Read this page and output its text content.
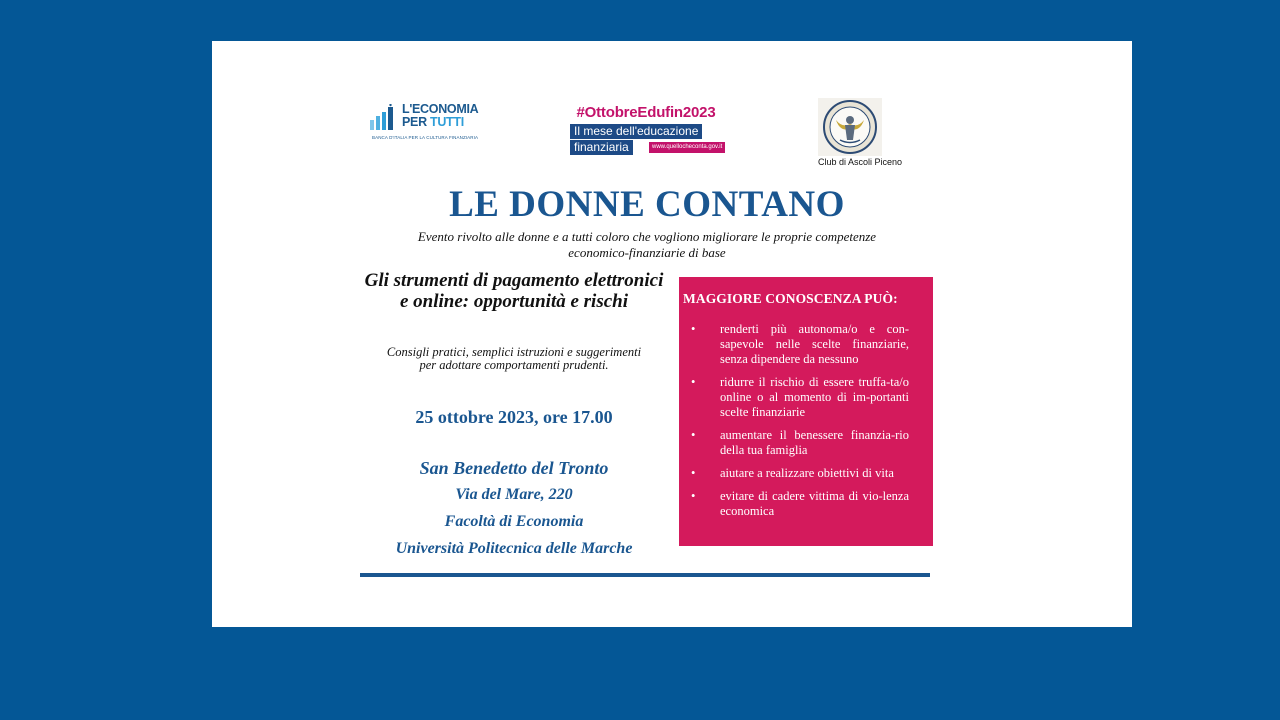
L'ECONOMIA
PER TUTTI
BANCA D'ITALIA PER LA CULTURA FINANZIARIA
#OttobreEdufin2023
Il mese dell'educazione
finanziaria	www.quellocheconta.gov.it
Club di Ascoli Piceno
LE DONNE CONTANO
Evento rivolto alle donne e a tutti coloro che vogliono migliorare le proprie competenze economico-finanziarie di base
Gli strumenti di pagamento elettronici e online: opportunità e rischi
Consigli pratici, semplici istruzioni e suggerimenti per adottare comportamenti prudenti.
25 ottobre 2023, ore 17.00
San Benedetto del Tronto
Via del Mare, 220
Facoltà di Economia
Università Politecnica delle Marche
MAGGIORE CONOSCENZA PUÒ:
• renderti più autonoma/o e con-sapevole nelle scelte finanziarie, senza dipendere da nessuno
• ridurre il rischio di essere truffa-ta/o online o al momento di im-portanti scelte finanziarie
• aumentare il benessere finanzia-rio della tua famiglia
• aiutare a realizzare obiettivi di vita
• evitare di cadere vittima di vio-lenza economica
